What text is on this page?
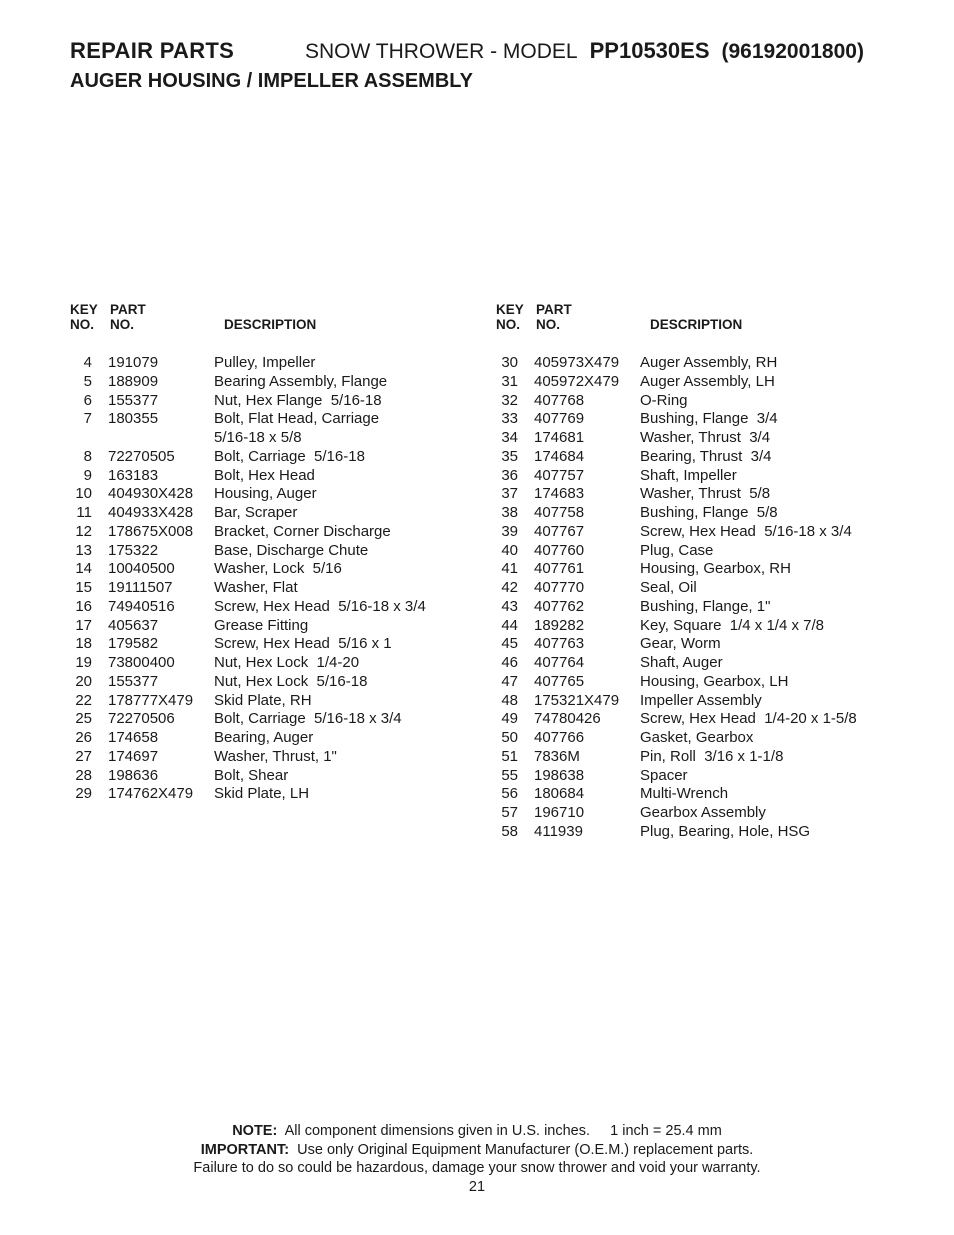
REPAIR PARTS	SNOW THROWER - MODEL PP10530ES (96192001800)
AUGER HOUSING / IMPELLER ASSEMBLY
KEY
NO.
PART
NO.	DESCRIPTION
4	191079	Pulley, Impeller
5	188909	Bearing Assembly, Flange
6	155377	Nut, Hex Flange  5/16-18
7	180355	Bolt, Flat Head, Carriage
5/16-18 x 5/8
8	72270505	Bolt, Carriage  5/16-18
9	163183	Bolt, Hex Head
10	404930X428	Housing, Auger
11	404933X428	Bar, Scraper
12	178675X008	Bracket, Corner Discharge
13	175322	Base, Discharge Chute
14	10040500	Washer, Lock  5/16
15	19111507	Washer, Flat
16	74940516	Screw, Hex Head  5/16-18 x 3/4
17	405637	Grease Fitting
18	179582	Screw, Hex Head  5/16 x 1
19	73800400	Nut, Hex Lock  1/4-20
20	155377	Nut, Hex Lock  5/16-18
22	178777X479	Skid Plate, RH
25	72270506	Bolt, Carriage  5/16-18 x 3/4
26	174658	Bearing, Auger
27	174697	Washer, Thrust, 1"
28	198636	Bolt, Shear
29	174762X479	Skid Plate, LH
KEY
NO.
PART
NO.	DESCRIPTION
30	405973X479	Auger Assembly, RH
31	405972X479	Auger Assembly, LH
32	407768	O-Ring
33	407769	Bushing, Flange  3/4
34	174681	Washer, Thrust  3/4
35	174684	Bearing, Thrust  3/4
36	407757	Shaft, Impeller
37	174683	Washer, Thrust  5/8
38	407758	Bushing, Flange  5/8
39	407767	Screw, Hex Head  5/16-18 x 3/4
40	407760	Plug, Case
41	407761	Housing, Gearbox, RH
42	407770	Seal, Oil
43	407762	Bushing, Flange, 1"
44	189282	Key, Square  1/4 x 1/4 x 7/8
45	407763	Gear, Worm
46	407764	Shaft, Auger
47	407765	Housing, Gearbox, LH
48	175321X479	Impeller Assembly
49	74780426	Screw, Hex Head  1/4-20 x 1-5/8
50	407766	Gasket, Gearbox
51	7836M	Pin, Roll  3/16 x 1-1/8
55	198638	Spacer
56	180684	Multi-Wrench
57	196710	Gearbox Assembly
58	411939	Plug, Bearing, Hole, HSG
NOTE: All component dimensions given in U.S. inches.     1 inch = 25.4 mm
IMPORTANT: Use only Original Equipment Manufacturer (O.E.M.) replacement parts.
Failure to do so could be hazardous, damage your snow thrower and void your warranty.
21
